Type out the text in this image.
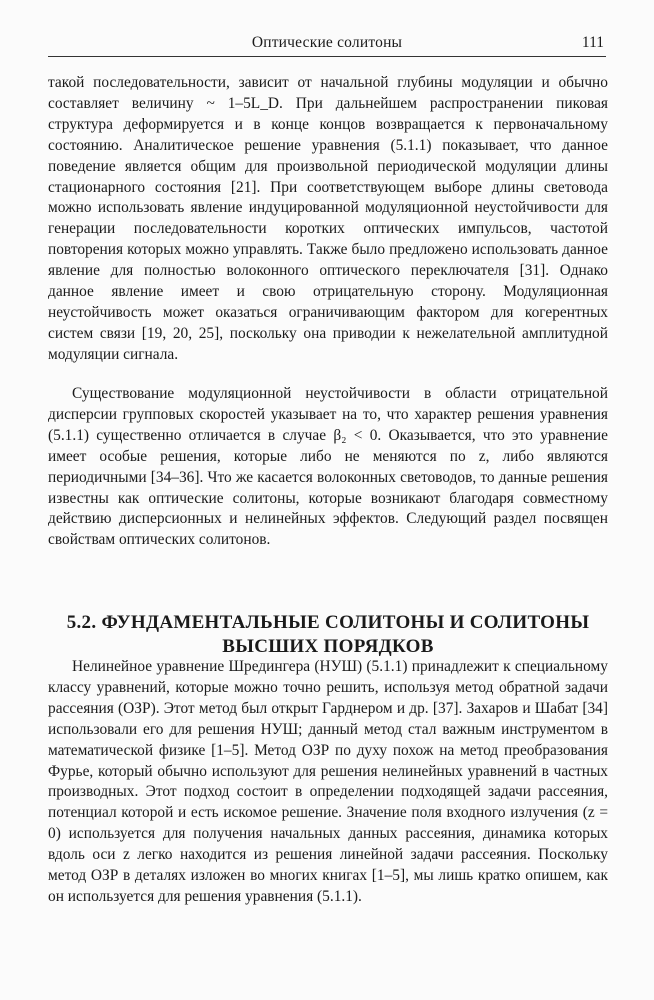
Оптические солитоны	111

такой последовательности, зависит от начальной глубины модуляции и обычно составляет величину ~ 1–5L_D. При дальнейшем распространении пиковая структура деформируется и в конце концов возвращается к первоначальному состоянию. Аналитическое решение уравнения (5.1.1) показывает, что данное поведение является общим для произвольной периодической модуляции длины стационарного состояния [21]. При соответствующем выборе длины световода можно использовать явление индуцированной модуляционной неустойчивости для генерации последовательности коротких оптических импульсов, частотой повторения которых можно управлять. Также было предложено использовать данное явление для полностью волоконного оптического переключателя [31]. Однако данное явление имеет и свою отрицательную сторону. Модуляционная неустойчивость может оказаться ограничивающим фактором для когерентных систем связи [19, 20, 25], поскольку она приводии к нежелательной амплитудной модуляции сигнала.

Существование модуляционной неустойчивости в области отрицательной дисперсии групповых скоростей указывает на то, что характер решения уравнения (5.1.1) существенно отличается в случае β₂ < 0. Оказывается, что это уравнение имеет особые решения, которые либо не меняются по z, либо являются периодичными [34–36]. Что же касается волоконных световодов, то данные решения известны как оптические солитоны, которые возникают благодаря совместному действию дисперсионных и нелинейных эффектов. Следующий раздел посвящен свойствам оптических солитонов.

5.2. ФУНДАМЕНТАЛЬНЫЕ СОЛИТОНЫ И СОЛИТОНЫ
ВЫСШИХ ПОРЯДКОВ

Нелинейное уравнение Шредингера (НУШ) (5.1.1) принадлежит к специальному классу уравнений, которые можно точно решить, используя метод обратной задачи рассеяния (ОЗР). Этот метод был открыт Гарднером и др. [37]. Захаров и Шабат [34] использовали его для решения НУШ; данный метод стал важным инструментом в математической физике [1–5]. Метод ОЗР по духу похож на метод преобразования Фурье, который обычно используют для решения нелинейных уравнений в частных производных. Этот подход состоит в определении подходящей задачи рассеяния, потенциал которой и есть искомое решение. Значение поля входного излучения (z = 0) используется для получения начальных данных рассеяния, динамика которых вдоль оси z легко находится из решения линейной задачи рассеяния. Поскольку метод ОЗР в деталях изложен во многих книгах [1–5], мы лишь кратко опишем, как он используется для решения уравнения (5.1.1).
